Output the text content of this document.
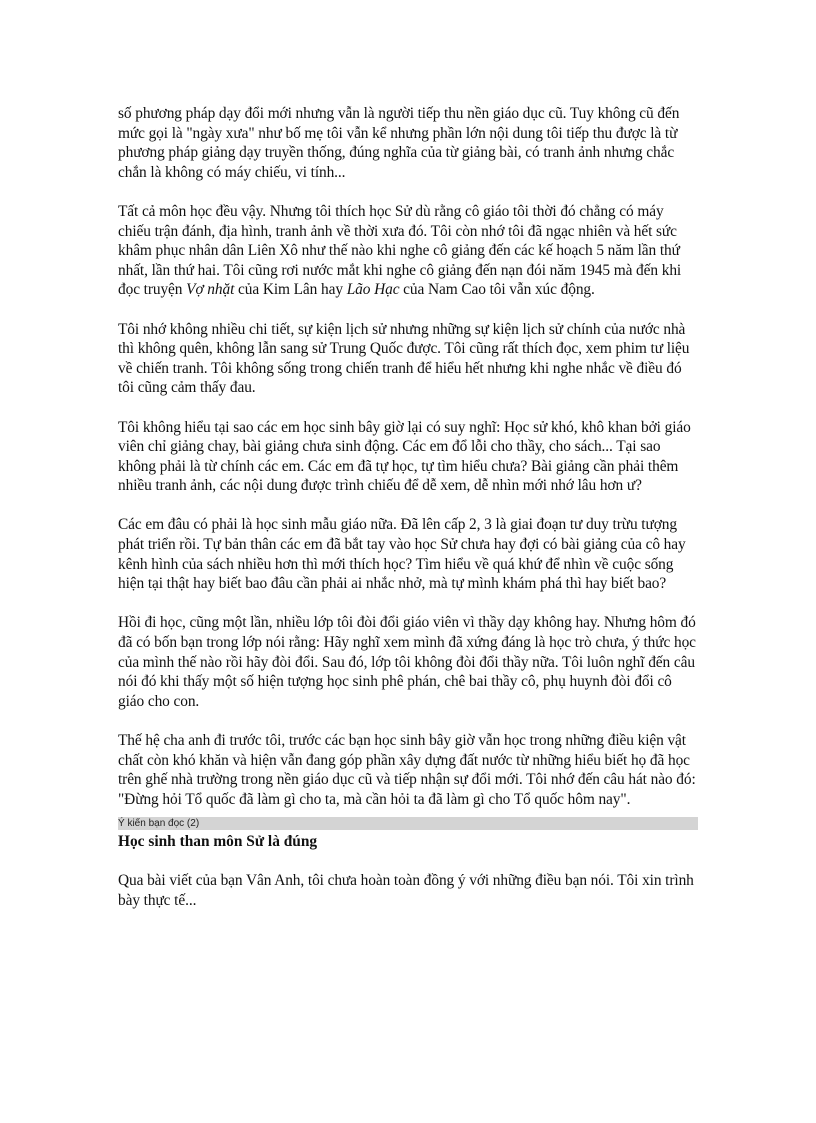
số phương pháp dạy đổi mới nhưng vẫn là người tiếp thu nền giáo dục cũ. Tuy không cũ đến mức gọi là "ngày xưa" như bố mẹ tôi vẫn kể nhưng phần lớn nội dung tôi tiếp thu được là từ phương pháp giảng dạy truyền thống, đúng nghĩa của từ giảng bài, có tranh ảnh nhưng chắc chắn là không có máy chiếu, vi tính...

Tất cả môn học đều vậy. Nhưng tôi thích học Sử dù rằng cô giáo tôi thời đó chẳng có máy chiếu trận đánh, địa hình, tranh ảnh về thời xưa đó. Tôi còn nhớ tôi đã ngạc nhiên và hết sức khâm phục nhân dân Liên Xô như thế nào khi nghe cô giảng đến các kế hoạch 5 năm lần thứ nhất, lần thứ hai. Tôi cũng rơi nước mắt khi nghe cô giảng đến nạn đói năm 1945 mà đến khi đọc truyện Vợ nhặt của Kim Lân hay Lão Hạc của Nam Cao tôi vẫn xúc động.

Tôi nhớ không nhiều chi tiết, sự kiện lịch sử nhưng những sự kiện lịch sử chính của nước nhà thì không quên, không lẫn sang sử Trung Quốc được. Tôi cũng rất thích đọc, xem phim tư liệu về chiến tranh. Tôi không sống trong chiến tranh để hiểu hết nhưng khi nghe nhắc về điều đó tôi cũng cảm thấy đau.

Tôi không hiểu tại sao các em học sinh bây giờ lại có suy nghĩ: Học sử khó, khô khan bởi giáo viên chỉ giảng chay, bài giảng chưa sinh động. Các em đổ lỗi cho thầy, cho sách... Tại sao không phải là từ chính các em. Các em đã tự học, tự tìm hiểu chưa? Bài giảng cần phải thêm nhiều tranh ảnh, các nội dung được trình chiếu để dễ xem, dễ nhìn mới nhớ lâu hơn ư?

Các em đâu có phải là học sinh mẫu giáo nữa. Đã lên cấp 2, 3 là giai đoạn tư duy trừu tượng phát triển rồi. Tự bản thân các em đã bắt tay vào học Sử chưa hay đợi có bài giảng của cô hay kênh hình của sách nhiều hơn thì mới thích học? Tìm hiểu về quá khứ để nhìn về cuộc sống hiện tại thật hay biết bao đâu cần phải ai nhắc nhở, mà tự mình khám phá thì hay biết bao?

Hồi đi học, cũng một lần, nhiều lớp tôi đòi đổi giáo viên vì thầy dạy không hay. Nhưng hôm đó đã có bốn bạn trong lớp nói rằng: Hãy nghĩ xem mình đã xứng đáng là học trò chưa, ý thức học của mình thế nào rồi hãy đòi đổi. Sau đó, lớp tôi không đòi đổi thầy nữa. Tôi luôn nghĩ đến câu nói đó khi thấy một số hiện tượng học sinh phê phán, chê bai thầy cô, phụ huynh đòi đổi cô giáo cho con.

Thế hệ cha anh đi trước tôi, trước các bạn học sinh bây giờ vẫn học trong những điều kiện vật chất còn khó khăn và hiện vẫn đang góp phần xây dựng đất nước từ những hiểu biết họ đã học trên ghế nhà trường trong nền giáo dục cũ và tiếp nhận sự đổi mới. Tôi nhớ đến câu hát nào đó: "Đừng hỏi Tổ quốc đã làm gì cho ta, mà cần hỏi ta đã làm gì cho Tổ quốc hôm nay".

Ý kiến bạn đọc (2)
Học sinh than môn Sử là đúng

Qua bài viết của bạn Vân Anh, tôi chưa hoàn toàn đồng ý với những điều bạn nói. Tôi xin trình bày thực tế...
